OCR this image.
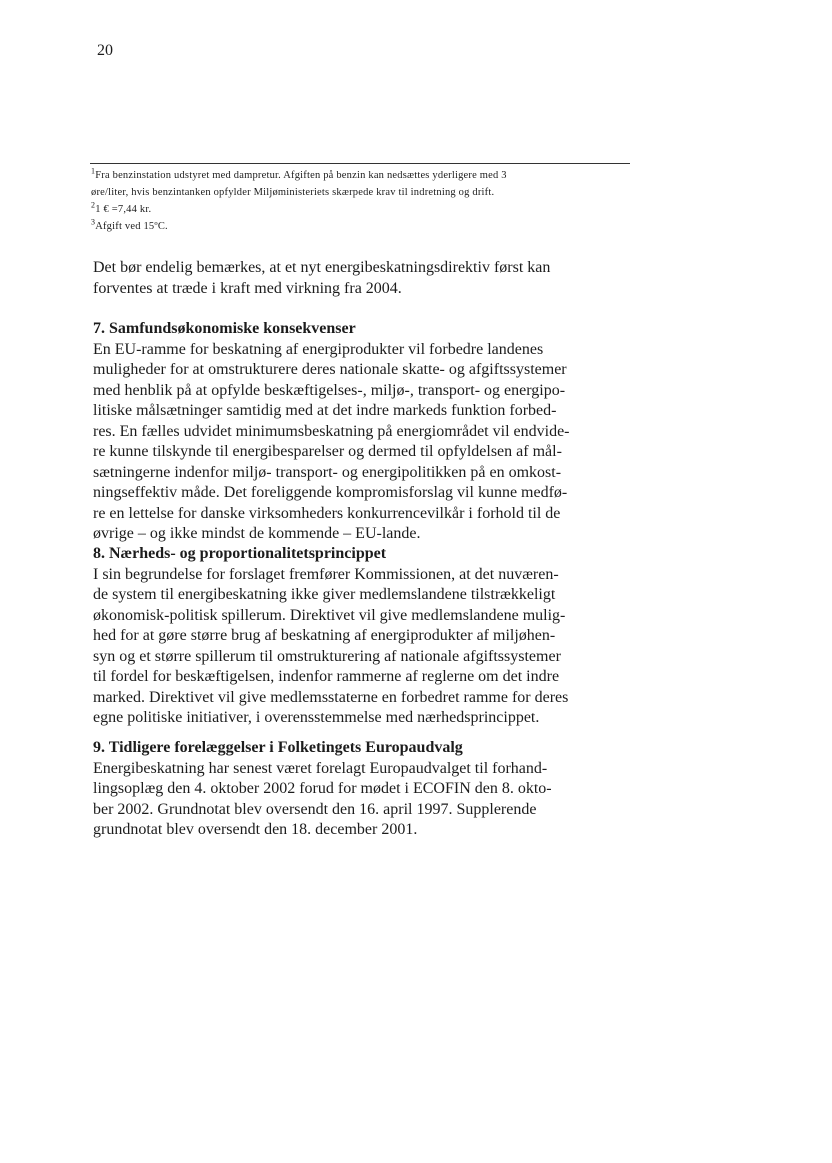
20

$^1$Fra benzinstation udstyret med dampretur. Afgiften på benzin kan nedsættes yderligere med 3

øre/liter, hvis benzintanken opfylder Miljøministeriets skærpede krav til indretning og drift.

$^2$1 € =7,44 kr.

$^3$Afgift ved 15ºC.

Det bør endelig bemærkes, at et nyt energibeskatningsdirektiv først kan

forventes at træde i kraft med virkning fra 2004.

7. Samfundsøkonomiske konsekvenser

En EU-ramme for beskatning af energiprodukter vil forbedre landenes

muligheder for at omstrukturere deres nationale skatte- og afgiftssystemer

med henblik på at opfylde beskæftigelses-, miljø-, transport- og energipo-

litiske målsætninger samtidig med at det indre markeds funktion forbed-

res. En fælles udvidet minimumsbeskatning på energiområdet vil endvide-

re kunne tilskynde til energibesparelser og dermed til opfyldelsen af mål-

sætningerne indenfor miljø- transport- og energipolitikken på en omkost-

ningseffektiv måde. Det foreliggende kompromisforslag vil kunne medfø-

re en lettelse for danske virksomheders konkurrencevilkår i forhold til de

øvrige – og ikke mindst de kommende – EU-lande.

8. Nærheds- og proportionalitetsprincippet

I sin begrundelse for forslaget fremfører Kommissionen, at det nuværen-

de system til energibeskatning ikke giver medlemslandene tilstrækkeligt

økonomisk-politisk spillerum. Direktivet vil give medlemslandene mulig-

hed for at gøre større brug af beskatning af energiprodukter af miljøhen-

syn og et større spillerum til omstrukturering af nationale afgiftssystemer

til fordel for beskæftigelsen, indenfor rammerne af reglerne om det indre

marked. Direktivet vil give medlemsstaterne en forbedret ramme for deres

egne politiske initiativer, i overensstemmelse med nærhedsprincippet.

9. Tidligere forelæggelser i Folketingets Europaudvalg

Energibeskatning har senest været forelagt Europaudvalget til forhand-

lingsoplæg den 4. oktober 2002 forud for mødet i ECOFIN den 8. okto-

ber 2002. Grundnotat blev oversendt den 16. april 1997. Supplerende

grundnotat blev oversendt den 18. december 2001.
